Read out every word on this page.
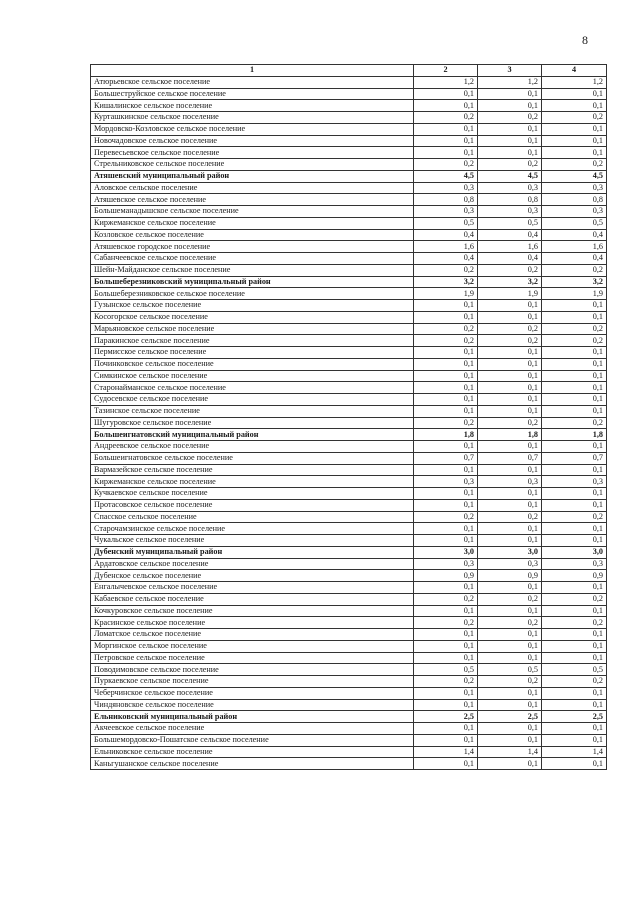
8
1	2	3	4
Атюрьевское сельское поселение	1,2	1,2	1,2
Большеструйское сельское поселение	0,1	0,1	0,1
Кишалинское сельское поселение	0,1	0,1	0,1
Курташкинское сельское поселение	0,2	0,2	0,2
Мордовско-Козловское сельское поселение	0,1	0,1	0,1
Новочадовское сельское поселение	0,1	0,1	0,1
Перевесьевское сельское поселение	0,1	0,1	0,1
Стрельниковское сельское поселение	0,2	0,2	0,2
Атяшевский муниципальный район	4,5	4,5	4,5
Аловское сельское поселение	0,3	0,3	0,3
Атяшевское сельское поселение	0,8	0,8	0,8
Большеманадышское сельское поселение	0,3	0,3	0,3
Киржеманское сельское поселение	0,5	0,5	0,5
Козловское сельское поселение	0,4	0,4	0,4
Атяшевское городское поселение	1,6	1,6	1,6
Сабанчеевское сельское поселение	0,4	0,4	0,4
Шейн-Майданское сельское поселение	0,2	0,2	0,2
Большеберезниковский муниципальный район	3,2	3,2	3,2
Большеберезниковское сельское поселение	1,9	1,9	1,9
Гузынское сельское поселение	0,1	0,1	0,1
Косогорское сельское поселение	0,1	0,1	0,1
Марьяновское сельское поселение	0,2	0,2	0,2
Паракинское сельское поселение	0,2	0,2	0,2
Пермисское сельское поселение	0,1	0,1	0,1
Починковское сельское поселение	0,1	0,1	0,1
Симкинское сельское поселение	0,1	0,1	0,1
Старонайманское сельское поселение	0,1	0,1	0,1
Судосевское сельское поселение	0,1	0,1	0,1
Тазинское сельское поселение	0,1	0,1	0,1
Шугуровское сельское поселение	0,2	0,2	0,2
Большеигнатовский муниципальный район	1,8	1,8	1,8
Андреевское сельское поселение	0,1	0,1	0,1
Большеигнатовское сельское поселение	0,7	0,7	0,7
Вармазейское сельское поселение	0,1	0,1	0,1
Киржеманское сельское поселение	0,3	0,3	0,3
Кучкаевское сельское поселение	0,1	0,1	0,1
Протасовское сельское поселение	0,1	0,1	0,1
Спасское сельское поселение	0,2	0,2	0,2
Старочамзинское сельское поселение	0,1	0,1	0,1
Чукальское сельское поселение	0,1	0,1	0,1
Дубенский муниципальный район	3,0	3,0	3,0
Ардатовское сельское поселение	0,3	0,3	0,3
Дубенское сельское поселение	0,9	0,9	0,9
Енгалычевское сельское поселение	0,1	0,1	0,1
Кабаевское сельское поселение	0,2	0,2	0,2
Кочкуровское сельское поселение	0,1	0,1	0,1
Красинское сельское поселение	0,2	0,2	0,2
Ломатское сельское поселение	0,1	0,1	0,1
Моргинское сельское поселение	0,1	0,1	0,1
Петровское сельское поселение	0,1	0,1	0,1
Поводимовское сельское поселение	0,5	0,5	0,5
Пуркаевское сельское поселение	0,2	0,2	0,2
Чеберчинское сельское поселение	0,1	0,1	0,1
Чиндяновское сельское поселение	0,1	0,1	0,1
Ельниковский муниципальный район	2,5	2,5	2,5
Акчеевское сельское поселение	0,1	0,1	0,1
Большемордовско-Пошатское сельское поселение	0,1	0,1	0,1
Ельниковское сельское поселение	1,4	1,4	1,4
Каньгушанское сельское поселение	0,1	0,1	0,1
